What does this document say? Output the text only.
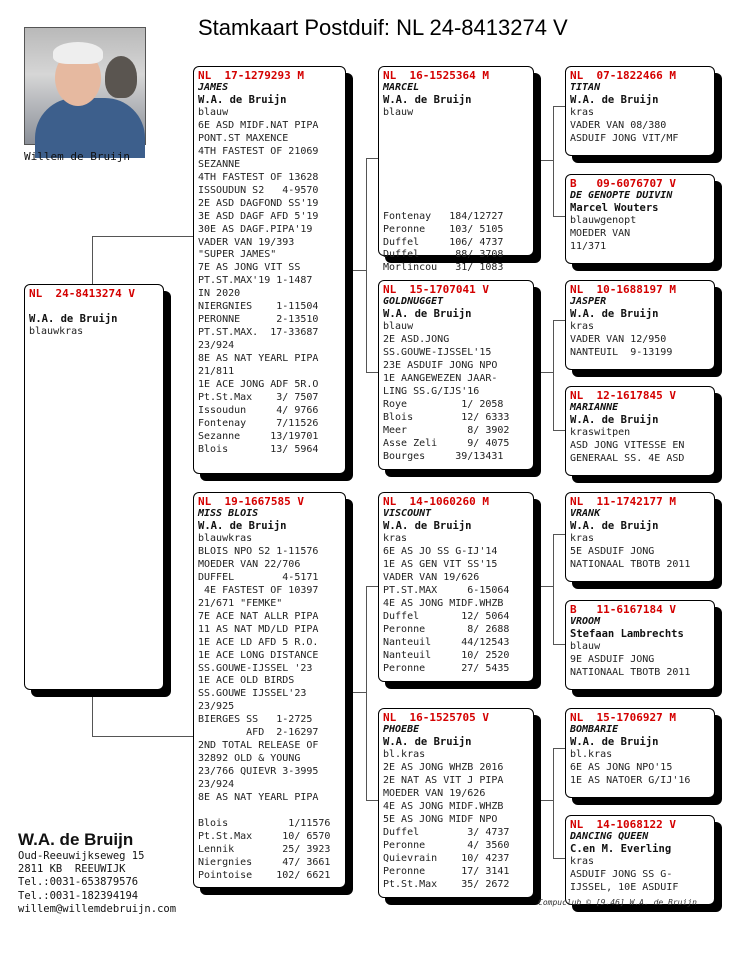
Stamkaart Postduif: NL 24-8413274 V
Willem de Bruijn
NL  24-8413274 V

W.A. de Bruijn
blauwkras
NL  17-1279293 M
JAMES
W.A. de Bruijn
blauw
6E ASD MIDF.NAT PIPA
PONT.ST MAXENCE
4TH FASTEST OF 21069
SEZANNE
4TH FASTEST OF 13628
ISSOUDUN S2   4-9570
2E ASD DAGFOND SS'19
3E ASD DAGF AFD 5'19
30E AS DAGF.PIPA'19
VADER VAN 19/393
"SUPER JAMES"
7E AS JONG VIT SS
PT.ST.MAX'19 1-1487
IN 2020
NIERGNIES    1-11504
PERONNE      2-13510
PT.ST.MAX.  17-33687
23/924
8E AS NAT YEARL PIPA
21/811
1E ACE JONG ADF 5R.O
Pt.St.Max    3/ 7507
Issoudun     4/ 9766
Fontenay     7/11526
Sezanne     13/19701
Blois       13/ 5964
NL  19-1667585 V
MISS BLOIS
W.A. de Bruijn
blauwkras
BLOIS NPO S2 1-11576
MOEDER VAN 22/706
DUFFEL        4-5171
4E FASTEST OF 10397
21/671 "FEMKE"
7E ACE NAT ALLR PIPA
11 AS NAT MD/LD PIPA
1E ACE LD AFD 5 R.O.
1E ACE LONG DISTANCE
SS.GOUWE-IJSSEL '23
1E ACE OLD BIRDS
SS.GOUWE IJSSEL'23
23/925
BIERGES SS   1-2725
AFD  2-16297
2ND TOTAL RELEASE OF
32892 OLD & YOUNG
23/766 QUIEVR 3-3995
23/924
8E AS NAT YEARL PIPA

Blois          1/11576
Pt.St.Max     10/ 6570
Lennik        25/ 3923
Niergnies     47/ 3661
Pointoise    102/ 6621
NL  16-1525364 M
MARCEL
W.A. de Bruijn
blauw

Fontenay   184/12727
Peronne    103/ 5105
Duffel     106/ 4737
Duffel      88/ 3708
Morlincou   31/ 1083
NL  15-1707041 V
GOLDNUGGET
W.A. de Bruijn
blauw
2E ASD.JONG
SS.GOUWE-IJSSEL'15
23E ASDUIF JONG NPO
1E AANGEWEZEN JAAR-
LING SS.G/IJS'16
Roye         1/ 2058
Blois        12/ 6333
Meer          8/ 3902
Asse Zeli     9/ 4075
Bourges     39/13431
NL  14-1060260 M
VISCOUNT
W.A. de Bruijn
kras
6E AS JO SS G-IJ'14
1E AS GEN VIT SS'15
VADER VAN 19/626
PT.ST.MAX     6-15064
4E AS JONG MIDF.WHZB
Duffel       12/ 5064
Peronne       8/ 2688
Nanteuil     44/12543
Nanteuil     10/ 2520
Peronne      27/ 5435
NL  16-1525705 V
PHOEBE
W.A. de Bruijn
bl.kras
2E AS JONG WHZB 2016
2E NAT AS VIT J PIPA
MOEDER VAN 19/626
4E AS JONG MIDF.WHZB
5E AS JONG MIDF NPO
Duffel        3/ 4737
Peronne       4/ 3560
Quievrain    10/ 4237
Peronne      17/ 3141
Pt.St.Max    35/ 2672
NL  07-1822466 M
TITAN
W.A. de Bruijn
kras
VADER VAN 08/380
ASDUIF JONG VIT/MF
B   09-6076707 V
DE GENOPTE DUIVIN
Marcel Wouters
blauwgenopt
MOEDER VAN
11/371
NL  10-1688197 M
JASPER
W.A. de Bruijn
kras
VADER VAN 12/950
NANTEUIL  9-13199
NL  12-1617845 V
MARIANNE
W.A. de Bruijn
kraswitpen
ASD JONG VITESSE EN
GENERAAL SS. 4E ASD
NL  11-1742177 M
VRANK
W.A. de Bruijn
kras
5E ASDUIF JONG
NATIONAAL TBOTB 2011
B   11-6167184 V
VROOM
Stefaan Lambrechts
blauw
9E ASDUIF JONG
NATIONAAL TBOTB 2011
NL  15-1706927 M
BOMBARIE
W.A. de Bruijn
bl.kras
6E AS JONG NPO'15
1E AS NATOER G/IJ'16
NL  14-1068122 V
DANCING QUEEN
C.en M. Everling
kras
ASDUIF JONG SS G-
IJSSEL, 10E ASDUIF
W.A. de Bruijn
Oud-Reeuwijkseweg 15
2811 KB  REEUWIJK
Tel.:0031-653879576
Tel.:0031-182394194
willem@willemdebruijn.com
Compuclub © [9.46] W.A. de Bruijn
